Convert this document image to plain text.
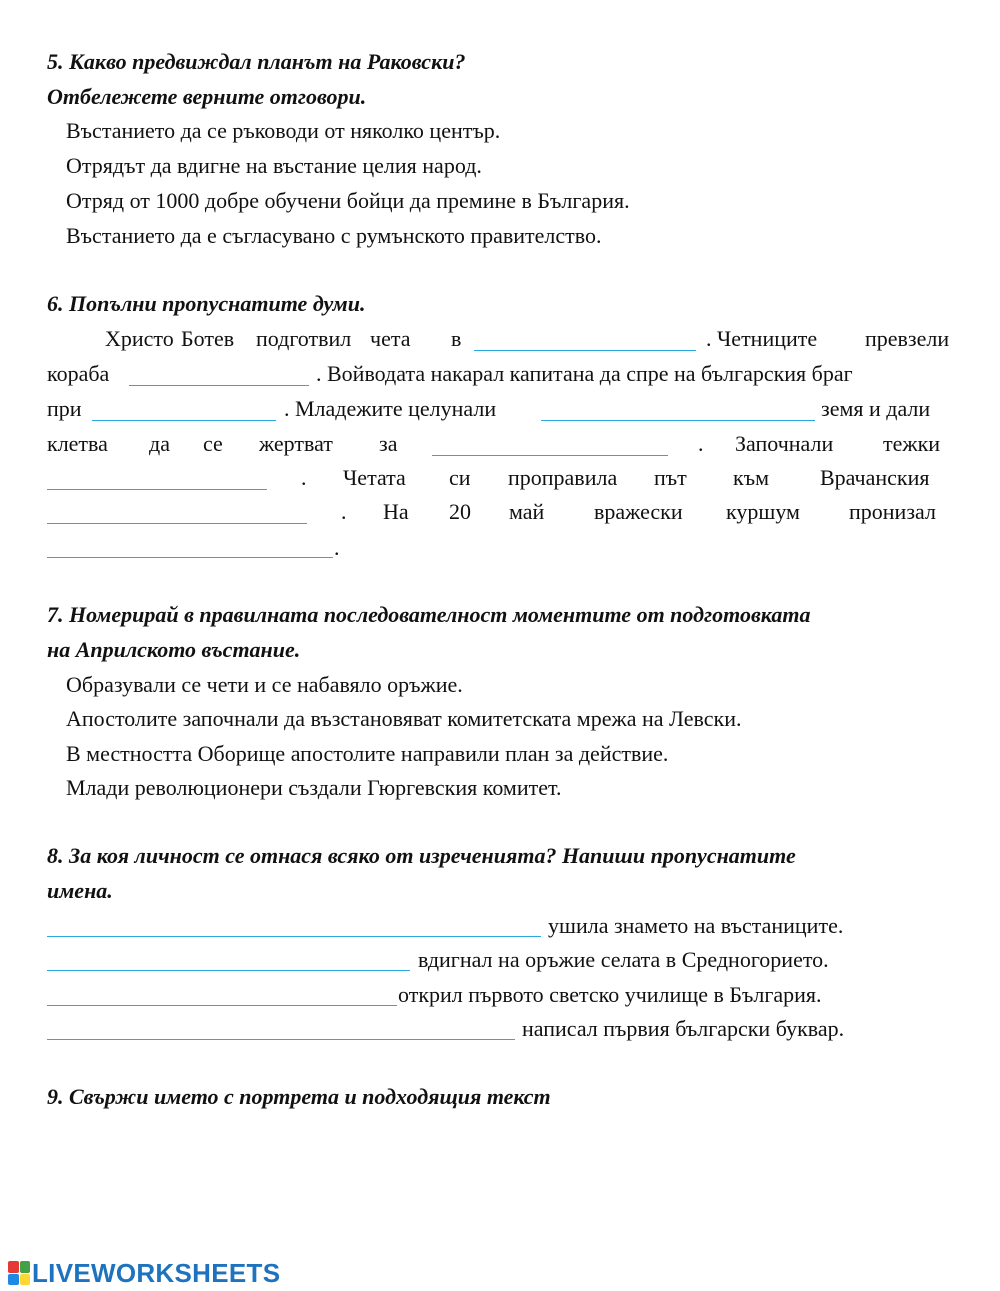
5. Какво предвиждал планът на Раковски?
Отбележете верните отговори.
Въстанието да се ръководи от няколко център.
Отрядът да вдигне на въстание целия народ.
Отряд от 1000 добре обучени бойци да премине в България.
Въстанието да е съгласувано с румънското правителство.
6. Попълни пропуснатите думи.
Христо Ботев подготвил чета в	. Четниците превзели
кораба	. Войводата накарал капитана да спре на българския браг
при	. Младежите целунали	земя и дали
клетва да се жертват за	. Започнали тежки
. Четата си проправила път към Врачанския
. На 20 май вражески куршум пронизал
.
7. Номерирай в правилната последователност моментите от подготовката
на Априлското въстание.
Образували се чети и се набавяло оръжие.
Апостолите започнали да възстановяват комитетската мрежа на Левски.
В местността Оборище апостолите направили план за действие.
Млади революционери създали Гюргевския комитет.
8. За коя личност се отнася всяко от изреченията? Напиши пропуснатите
имена.
ушила знамето на въстаниците.
вдигнал на оръжие селата в Средногорието.
открил първото светско училище в България.
написал първия български буквар.
9. Свържи името с портрета и подходящия текст
LIVEWORKSHEETS
